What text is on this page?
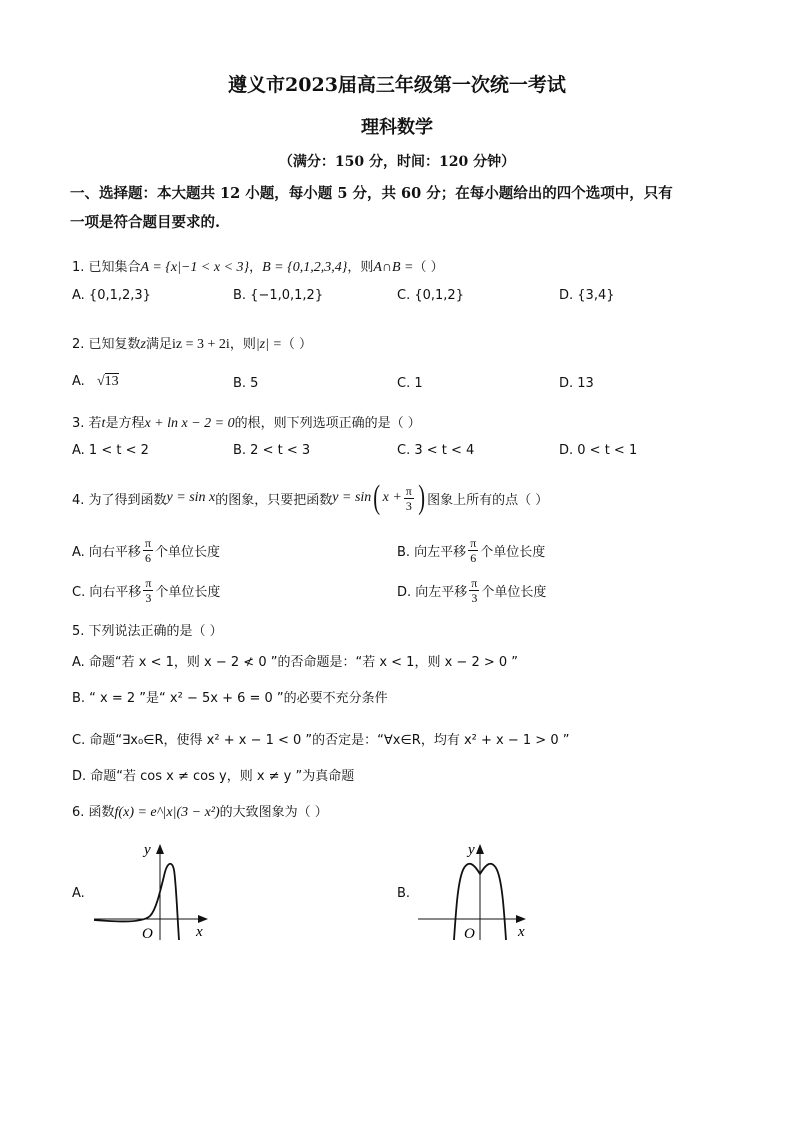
遵义市2023届高三年级第一次统一考试
理科数学
（满分：150 分，时间：120 分钟）
一、选择题：本大题共 12 小题，每小题 5 分，共 60 分；在每小题给出的四个选项中，只有
一项是符合题目要求的.
1. 已知集合A = {x|−1 < x < 3}，B = {0,1,2,3,4}，则A∩B =（ ）
A. {0,1,2,3}	B. {−1,0,1,2}	C. {0,1,2}	D. {3,4}
2. 已知复数z满足iz = 3 + 2i，则|z| =（ ）
A. √13	B. 5	C. 1	D. 13
3. 若t是方程x + ln x − 2 = 0的根，则下列选项正确的是（ ）
A. 1 < t < 2	B. 2 < t < 3	C. 3 < t < 4	D. 0 < t < 1
4. 为了得到函数 y = sin x 的图象，只要把函数 y = sin ( $x + \frac{\pi}{3}$ ) 图象上所有的点（ ）
A. 向右平移 $\frac{\pi}{6}$ 个单位长度	B. 向左平移 $\frac{\pi}{6}$ 个单位长度
C. 向右平移 $\frac{\pi}{3}$ 个单位长度	D. 向左平移 $\frac{\pi}{3}$ 个单位长度
5. 下列说法正确的是（ ）
A. 命题“若 x < 1，则 x − 2 ≮ 0 ”的否命题是：“若 x < 1，则 x − 2 > 0 ”
B. “ x = 2 ”是“ x² − 5x + 6 = 0 ”的必要不充分条件
C. 命题“∃x₀∈R，使得 x² + x − 1 < 0 ”的否定是：“∀x∈R，均有 x² + x − 1 > 0 ”
D. 命题“若 cos x ≠ cos y，则 x ≠ y ”为真命题
6. 函数f(x) = e^|x|(3 − x²)的大致图象为（ ）
A.
y
x
O
B.
y
x
O
